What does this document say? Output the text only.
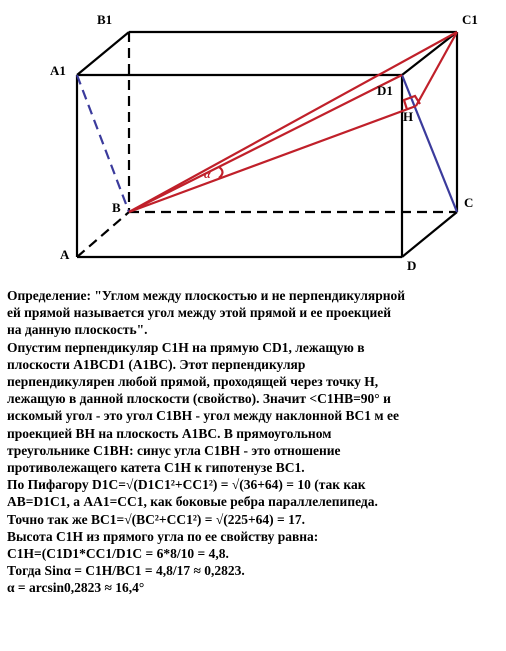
B1	C1
A1
D1
H
B	C
A
D
α

Определение: "Углом между плоскостью и не перпендикулярной

ей прямой называется угол между этой прямой и ее проекцией

на данную плоскость".

Опустим перпендикуляр С1Н на прямую CD1, лежащую в

плоскости A1BCD1 (A1BC). Этот перпендикуляр

перпендикулярен любой прямой, проходящей через точку Н,

лежащую в данной плоскости (свойство). Значит <C1HB=90° и

искомый угол - это угол С1ВН - угол между наклонной ВС1 м ее

проекцией ВН на плоскость А1ВС. В прямоугольном

треугольнике С1ВН: синус угла С1ВН - это отношение

противолежащего катета С1Н к гипотенузе ВС1.

По Пифагору D1C=√(D1C1²+CC1²) = √(36+64) = 10 (так как

AB=D1C1, а АА1=СС1, как боковые ребра параллелепипеда.

Точно так же ВС1=√(BC²+CC1²) = √(225+64) = 17.

Высота С1Н из прямого угла по ее свойству равна:

C1H=(C1D1*CC1/D1C = 6*8/10 = 4,8.

Тогда Sinα = C1H/BC1 = 4,8/17 ≈ 0,2823.

α = arcsin0,2823 ≈ 16,4°
